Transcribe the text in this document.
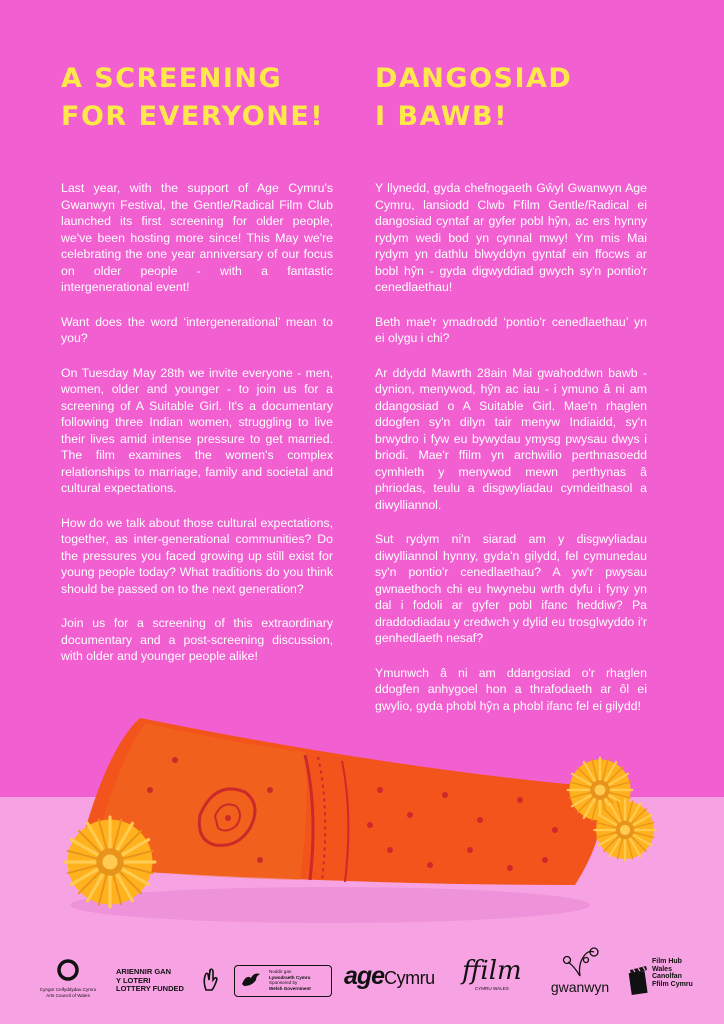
A SCREENING
FOR EVERYONE!

Last year, with the support of Age Cymru's Gwanwyn Festival, the Gentle/Radical Film Club launched its first screening for older people, we've been hosting more since! This May we're celebrating the one year anniversary of our focus on older people - with a fantastic intergenerational event!

Want does the word ‘intergenerational’ mean to you?

On Tuesday May 28th we invite everyone - men, women, older and younger - to join us for a screening of A Suitable Girl. It's a documentary following three Indian women, struggling to live their lives amid intense pressure to get married. The film examines the women's complex relationships to marriage, family and societal and cultural expectations.

How do we talk about those cultural expectations, together, as inter-generational communities? Do the pressures you faced growing up still exist for young people today? What traditions do you think should be passed on to the next generation?

Join us for a screening of this extraordinary documentary and a post-screening discussion, with older and younger people alike!

DANGOSIAD
I BAWB!

Y llynedd, gyda chefnogaeth Gŵyl Gwanwyn Age Cymru, lansiodd Clwb Ffilm Gentle/Radical ei dangosiad cyntaf ar gyfer pobl hŷn, ac ers hynny rydym wedi bod yn cynnal mwy! Ym mis Mai rydym yn dathlu blwyddyn gyntaf ein ffocws ar bobl hŷn - gyda digwyddiad gwych sy'n pontio'r cenedlaethau!

Beth mae'r ymadrodd ‘pontio'r cenedlaethau’ yn ei olygu i chi?

Ar ddydd Mawrth 28ain Mai gwahoddwn bawb - dynion, menywod, hŷn ac iau - i ymuno â ni am ddangosiad o A Suitable Girl. Mae'n rhaglen ddogfen sy'n dilyn tair menyw Indiaidd, sy'n brwydro i fyw eu bywydau ymysg pwysau dwys i briodi. Mae'r ffilm yn archwilio perthnasoedd cymhleth y menywod mewn perthynas â phriodas, teulu a disgwyliadau cymdeithasol a diwylliannol.

Sut rydym ni'n siarad am y disgwyliadau diwylliannol hynny, gyda'n gilydd, fel cymunedau sy'n pontio'r cenedlaethau? A yw'r pwysau gwnaethoch chi eu hwynebu wrth dyfu i fyny yn dal i fodoli ar gyfer pobl ifanc heddiw? Pa draddodiadau y credwch y dylid eu trosglwyddo i'r genhedlaeth nesaf?

Ymunwch â ni am ddangosiad o'r rhaglen ddogfen anhygoel hon a thrafodaeth ar ôl ei gwylio, gyda phobl hŷn a phobl ifanc fel ei gilydd!

Cyngor Celfyddydau Cymru
Arts Council of Wales
ARIENNIR GAN
Y LOTERI
LOTTERY FUNDED
Noddir gan
Lywodraeth Cymru
Sponsored by
Welsh Government ageCymru ffilm
CYMRU WALES	gwanwyn
Film Hub
Wales
Canolfan
Ffilm Cymru
